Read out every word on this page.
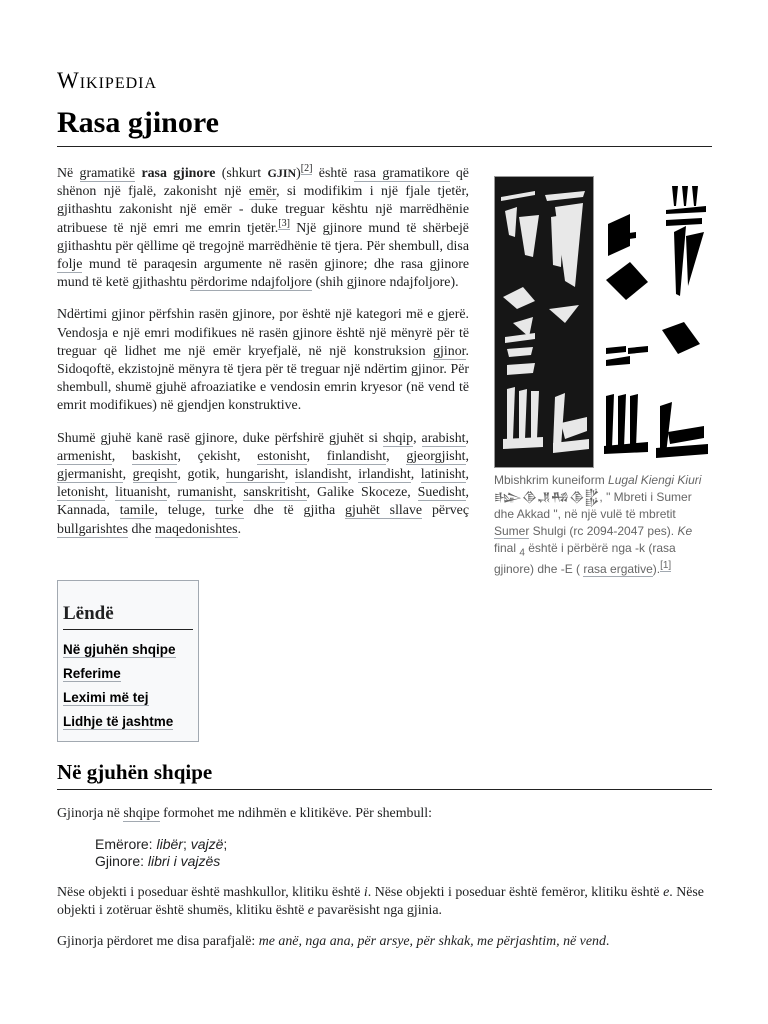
Wikipedia
Rasa gjinore

Në gramatikë rasa gjinore (shkurt GJIN)[2] është rasa gramatikore që shënon një fjalë, zakonisht një emër, si modifikim i një fjale tjetër, gjithashtu zakonisht një emër - duke treguar kështu një marrëdhënie atribuese të një emri me emrin tjetër.[3] Një gjinore mund të shërbejë gjithashtu për qëllime që tregojnë marrëdhënie të tjera. Për shembull, disa folje mund të paraqesin argumente në rasën gjinore; dhe rasa gjinore mund të ketë gjithashtu përdorime ndajfoljore (shih gjinore ndajfoljore).

Ndërtimi gjinor përfshin rasën gjinore, por është një kategori më e gjerë. Vendosja e një emri modifikues në rasën gjinore është një mënyrë për të treguar që lidhet me një emër kryefjalë, në një konstruksion gjinor. Sidoqoftë, ekzistojnë mënyra të tjera për të treguar një ndërtim gjinor. Për shembull, shumë gjuhë afroaziatike e vendosin emrin kryesor (në vend të emrit modifikues) në gjendjen konstruktive.

Shumë gjuhë kanë rasë gjinore, duke përfshirë gjuhët si shqip, arabisht, armenisht, baskisht, çekisht, estonisht, finlandisht, gjeorgjisht, gjermanisht, greqisht, gotik, hungarisht, islandisht, irlandisht, latinisht, letonisht, lituanisht, rumanisht, sanskritisht, Galike Skoceze, Suedisht, Kannada, tamile, teluge, turke dhe të gjitha gjuhët sllave përveç bullgarishtes dhe maqedonishtes.

Mbishkrim kuneiform Lugal Kiengi Kiuri 𒈗𒆠𒂗𒄀𒆠𒌵, " Mbreti i Sumer dhe Akkad ", në një vulë të mbretit Sumer Shulgi (rc 2094-2047 pes). Ke final $_4$ është i përbërë nga -k (rasa gjinore) dhe -E ( rasa ergative).[1]
Lëndë
Në gjuhën shqipe
Referime
Leximi më tej
Lidhje të jashtme
Në gjuhën shqipe
Gjinorja në shqipe formohet me ndihmën e klitikëve. Për shembull:
Emërore: libër; vajzë;
Gjinore: libri i vajzës
Nëse objekti i poseduar është mashkullor, klitiku është i. Nëse objekti i poseduar është femëror, klitiku është e. Nëse objekti i zotëruar është shumës, klitiku është e pavarësisht nga gjinia.
Gjinorja përdoret me disa parafjalë: me anë, nga ana, për arsye, për shkak, me përjashtim, në vend.
